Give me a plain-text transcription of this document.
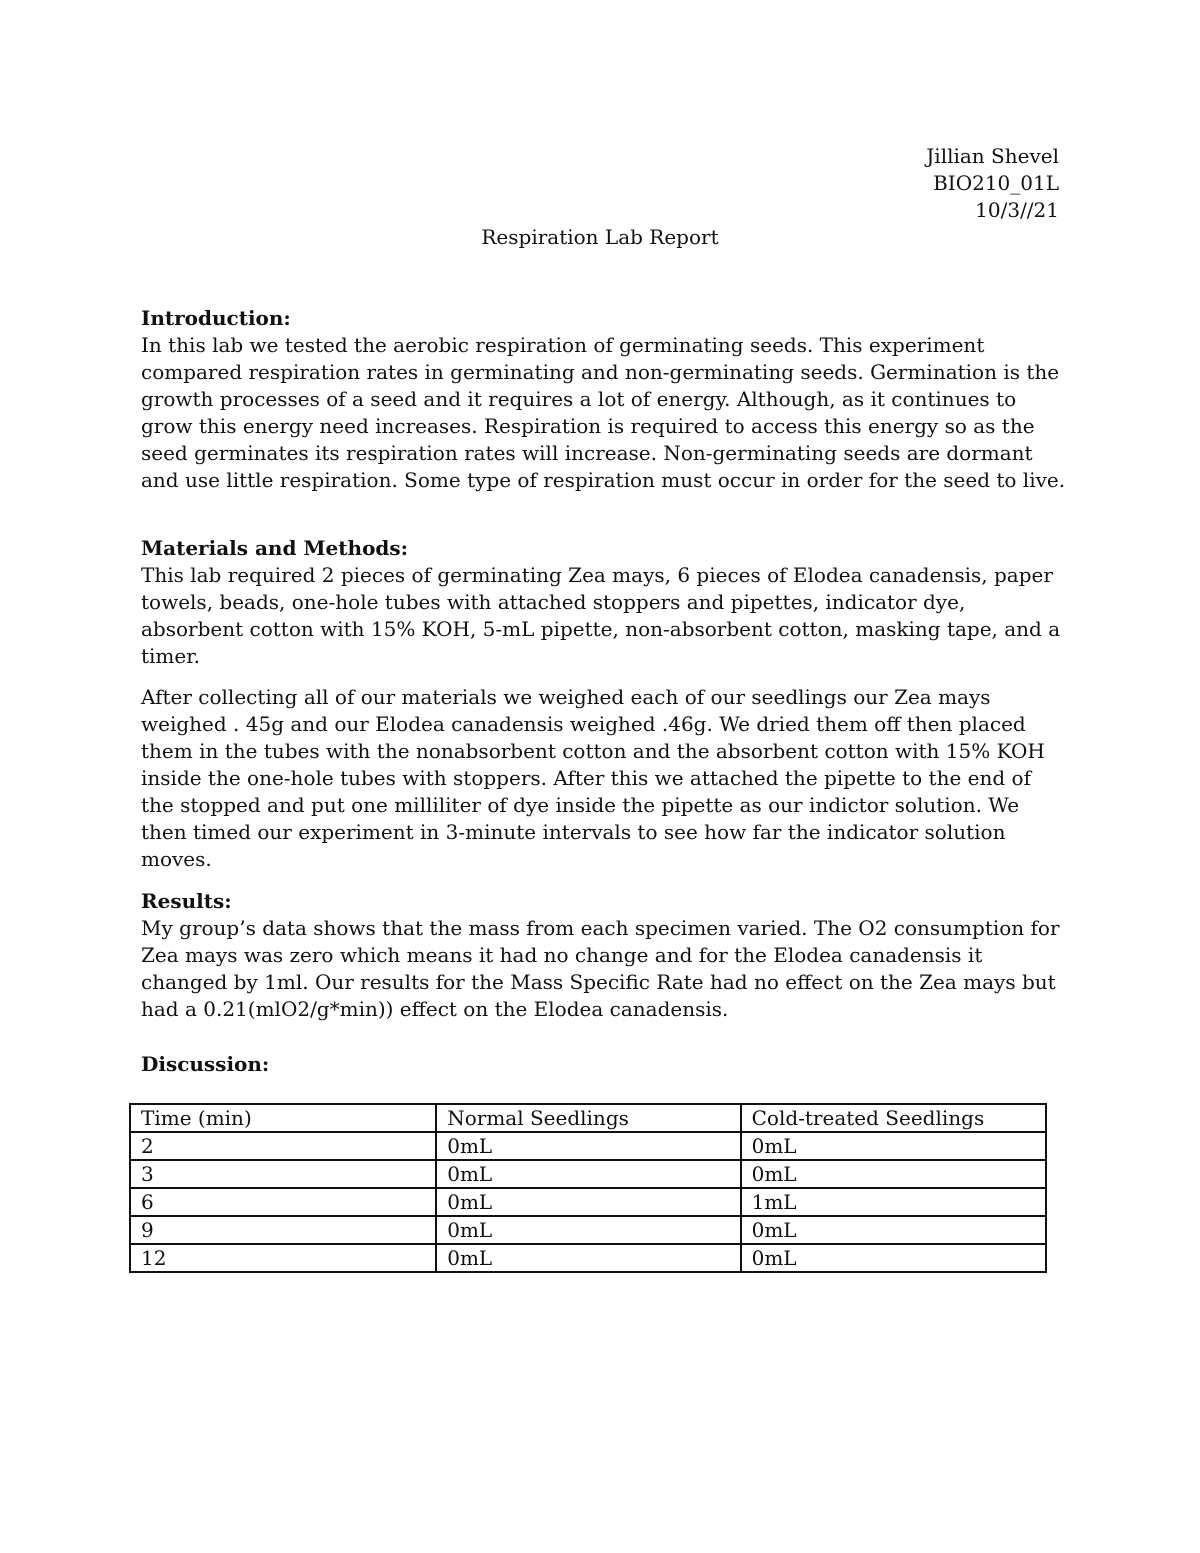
Jillian Shevel
BIO210_01L
10/3//21
Respiration Lab Report
Introduction:

In this lab we tested the aerobic respiration of germinating seeds. This experiment compared respiration rates in germinating and non-germinating seeds. Germination is the growth processes of a seed and it requires a lot of energy. Although, as it continues to grow this energy need increases. Respiration is required to access this energy so as the seed germinates its respiration rates will increase. Non-germinating seeds are dormant and use little respiration. Some type of respiration must occur in order for the seed to live.

Materials and Methods:

This lab required 2 pieces of germinating Zea mays, 6 pieces of Elodea canadensis, paper towels, beads, one-hole tubes with attached stoppers and pipettes, indicator dye, absorbent cotton with 15% KOH, 5-mL pipette, non-absorbent cotton, masking tape, and a timer.

After collecting all of our materials we weighed each of our seedlings our Zea mays weighed . 45g and our Elodea canadensis weighed .46g. We dried them off then placed them in the tubes with the nonabsorbent cotton and the absorbent cotton with 15% KOH inside the one-hole tubes with stoppers. After this we attached the pipette to the end of the stopped and put one milliliter of dye inside the pipette as our indictor solution. We then timed our experiment in 3-minute intervals to see how far the indicator solution moves.

Results:

My group’s data shows that the mass from each specimen varied. The O2 consumption for Zea mays was zero which means it had no change and for the Elodea canadensis it changed by 1ml. Our results for the Mass Specific Rate had no effect on the Zea mays but had a 0.21(mlO2/g*min)) effect on the Elodea canadensis.

Discussion:
Time (min)	Normal Seedlings	Cold-treated Seedlings
2	0mL	0mL
3	0mL	0mL
6	0mL	1mL
9	0mL	0mL
12	0mL	0mL
